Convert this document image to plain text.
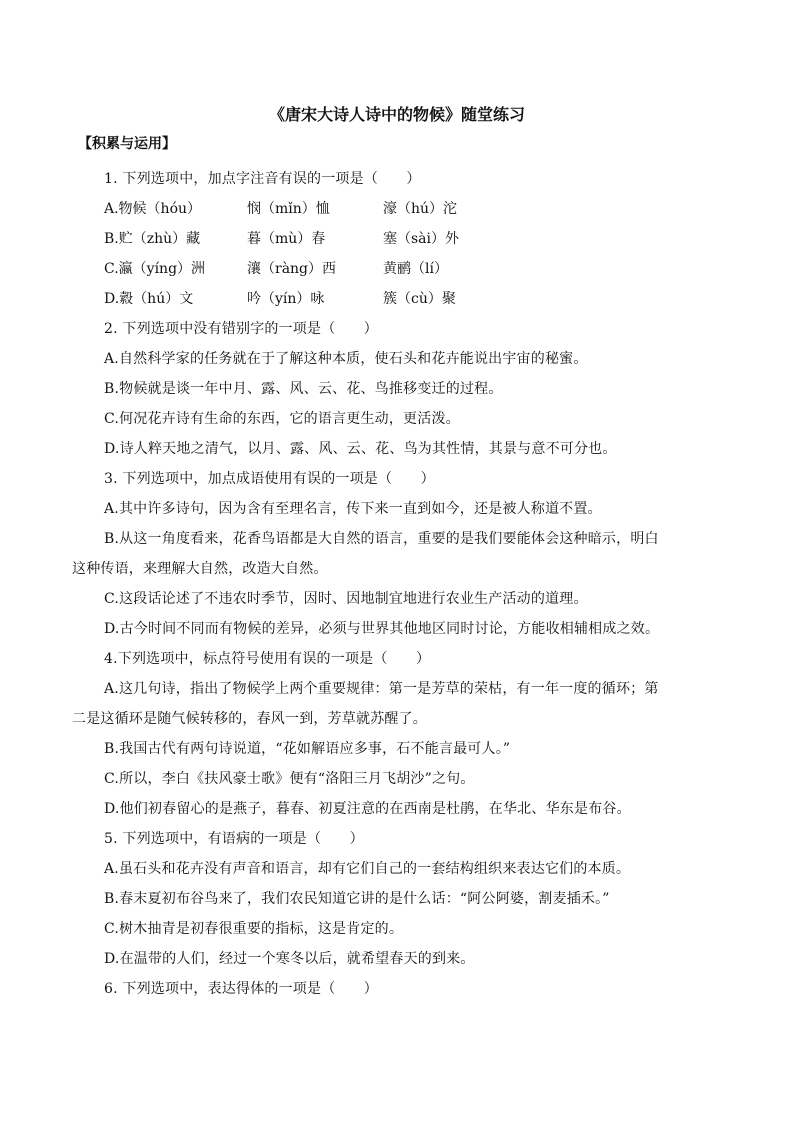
《唐宋大诗人诗中的物候》随堂练习
【积累与运用】
1. 下列选项中，加点字注音有误的一项是（　　）
A.物候（hóu）	悯（mǐn）恤	濠（hú）沱
B.贮（zhù）藏	暮（mù）春	塞（sài）外
C.瀛（yíng）洲	瀼（ràng）西	黄鹂（lí）
D.縠（hú）文	吟（yín）咏	簇（cù）聚
2. 下列选项中没有错别字的一项是（　　）
A.自然科学家的任务就在于了解这种本质，使石头和花卉能说出宇宙的秘蜜。
B.物候就是谈一年中月、露、风、云、花、鸟推移变迁的过程。
C.何况花卉诗有生命的东西，它的语言更生动，更活泼。
D.诗人粹天地之清气，以月、露、风、云、花、鸟为其性情，其景与意不可分也。
3. 下列选项中，加点成语使用有误的一项是（　　）
A.其中许多诗句，因为含有至理名言，传下来一直到如今，还是被人称道不置。
B.从这一角度看来，花香鸟语都是大自然的语言，重要的是我们要能体会这种暗示，明白
这种传语，来理解大自然，改造大自然。
C.这段话论述了不违农时季节，因时、因地制宜地进行农业生产活动的道理。
D.古今时间不同而有物候的差异，必须与世界其他地区同时讨论，方能收相辅相成之效。
4.下列选项中，标点符号使用有误的一项是（　　）
A.这几句诗，指出了物候学上两个重要规律：第一是芳草的荣枯，有一年一度的循环；第
二是这循环是随气候转移的，春风一到，芳草就苏醒了。
B.我国古代有两句诗说道，“花如解语应多事，石不能言最可人。”
C.所以，李白《扶风豪士歌》便有“洛阳三月飞胡沙”之句。
D.他们初春留心的是燕子，暮春、初夏注意的在西南是杜鹃，在华北、华东是布谷。
5. 下列选项中，有语病的一项是（　　）
A.虽石头和花卉没有声音和语言，却有它们自己的一套结构组织来表达它们的本质。
B.春末夏初布谷鸟来了，我们农民知道它讲的是什么话：“阿公阿婆，割麦插禾。”
C.树木抽青是初春很重要的指标，这是肯定的。
D.在温带的人们，经过一个寒冬以后，就希望春天的到来。
6. 下列选项中，表达得体的一项是（　　）
